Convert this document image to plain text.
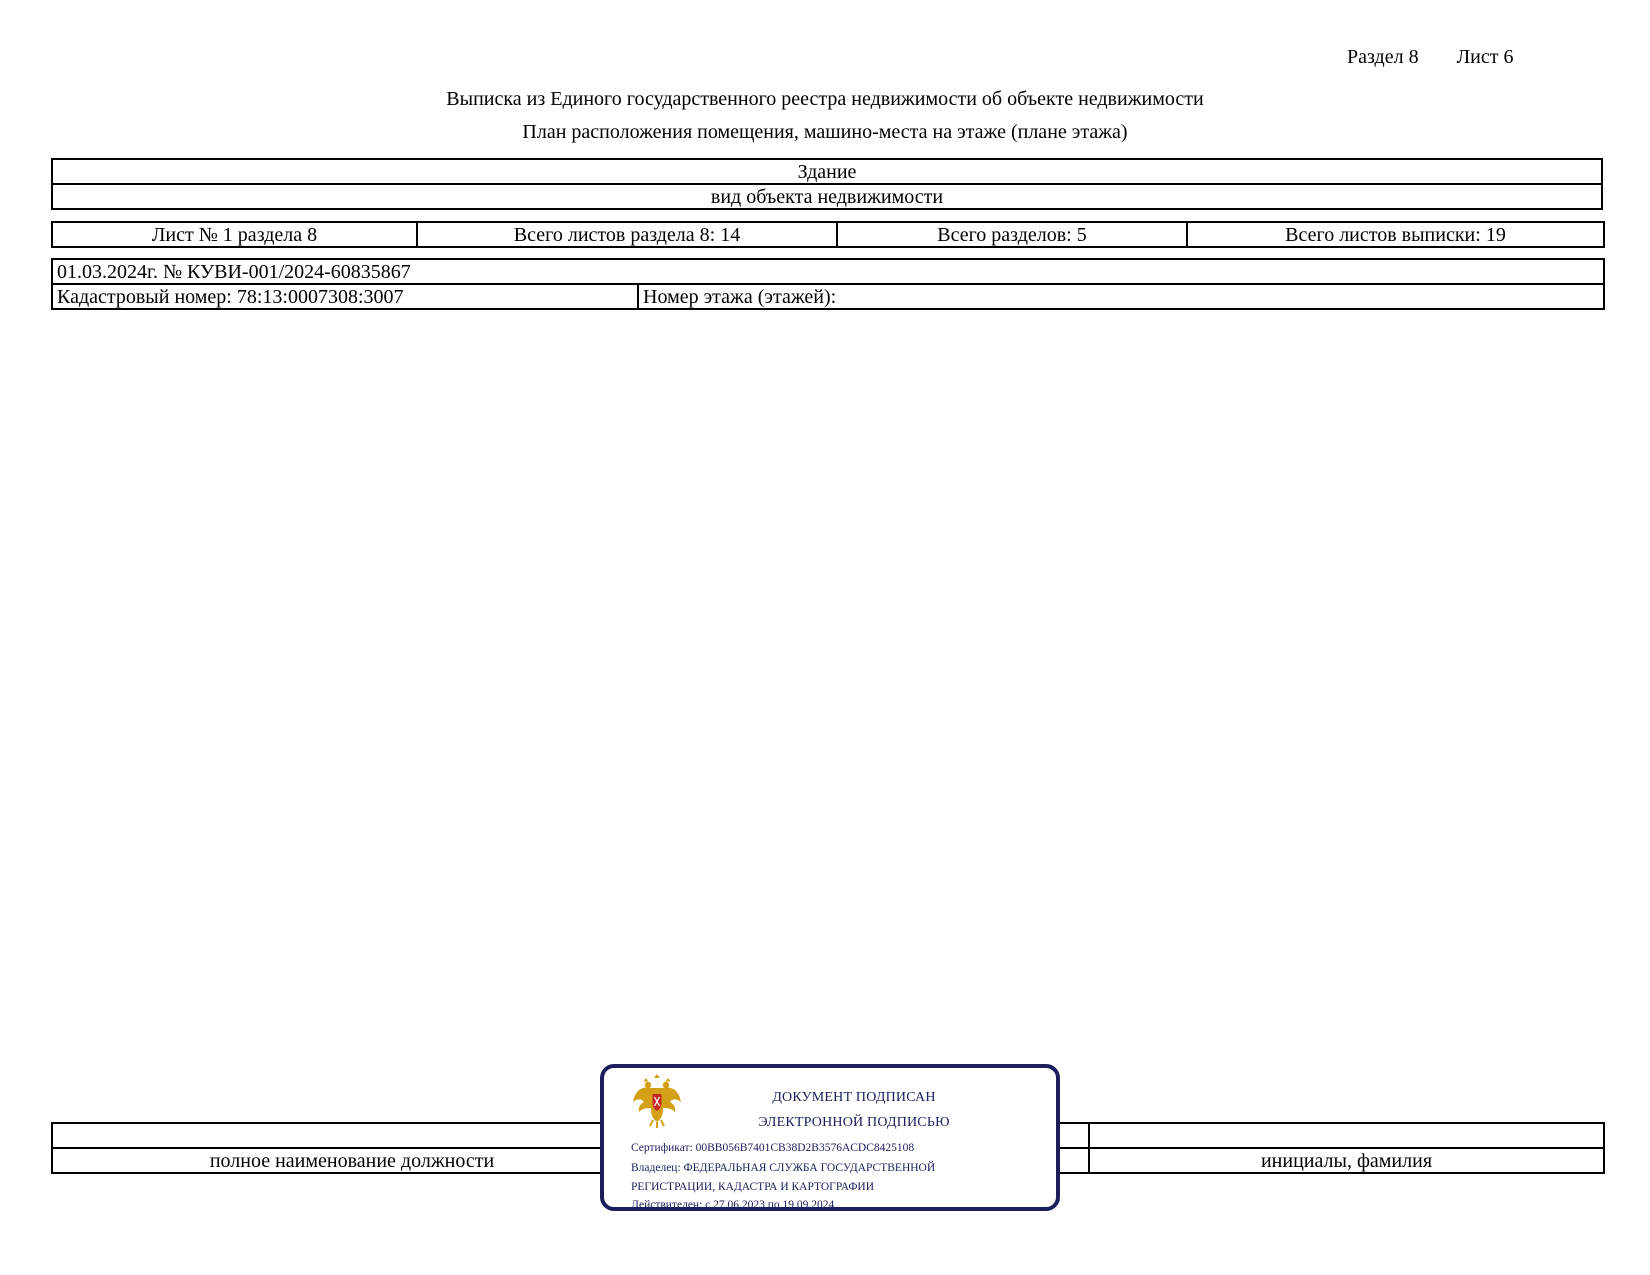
Раздел 8 Лист 6
Выписка из Единого государственного реестра недвижимости об объекте недвижимости
План расположения помещения, машино-места на этаже (плане этажа)
Здание
вид объекта недвижимости
Лист № 1 раздела 8	Всего листов раздела 8: 14	Всего разделов: 5	Всего листов выписки: 19
01.03.2024г. № КУВИ-001/2024-60835867
Кадастровый номер: 78:13:0007308:3007	Номер этажа (этажей):

полное наименование должности		инициалы, фамилия
ДОКУМЕНТ ПОДПИСАН
ЭЛЕКТРОННОЙ ПОДПИСЬЮ
Сертификат: 00BB056B7401CB38D2B3576ACDC8425108
Владелец: ФЕДЕРАЛЬНАЯ СЛУЖБА ГОСУДАРСТВЕННОЙ
РЕГИСТРАЦИИ, КАДАСТРА И КАРТОГРАФИИ
Действителен: с 27.06.2023 по 19.09.2024
